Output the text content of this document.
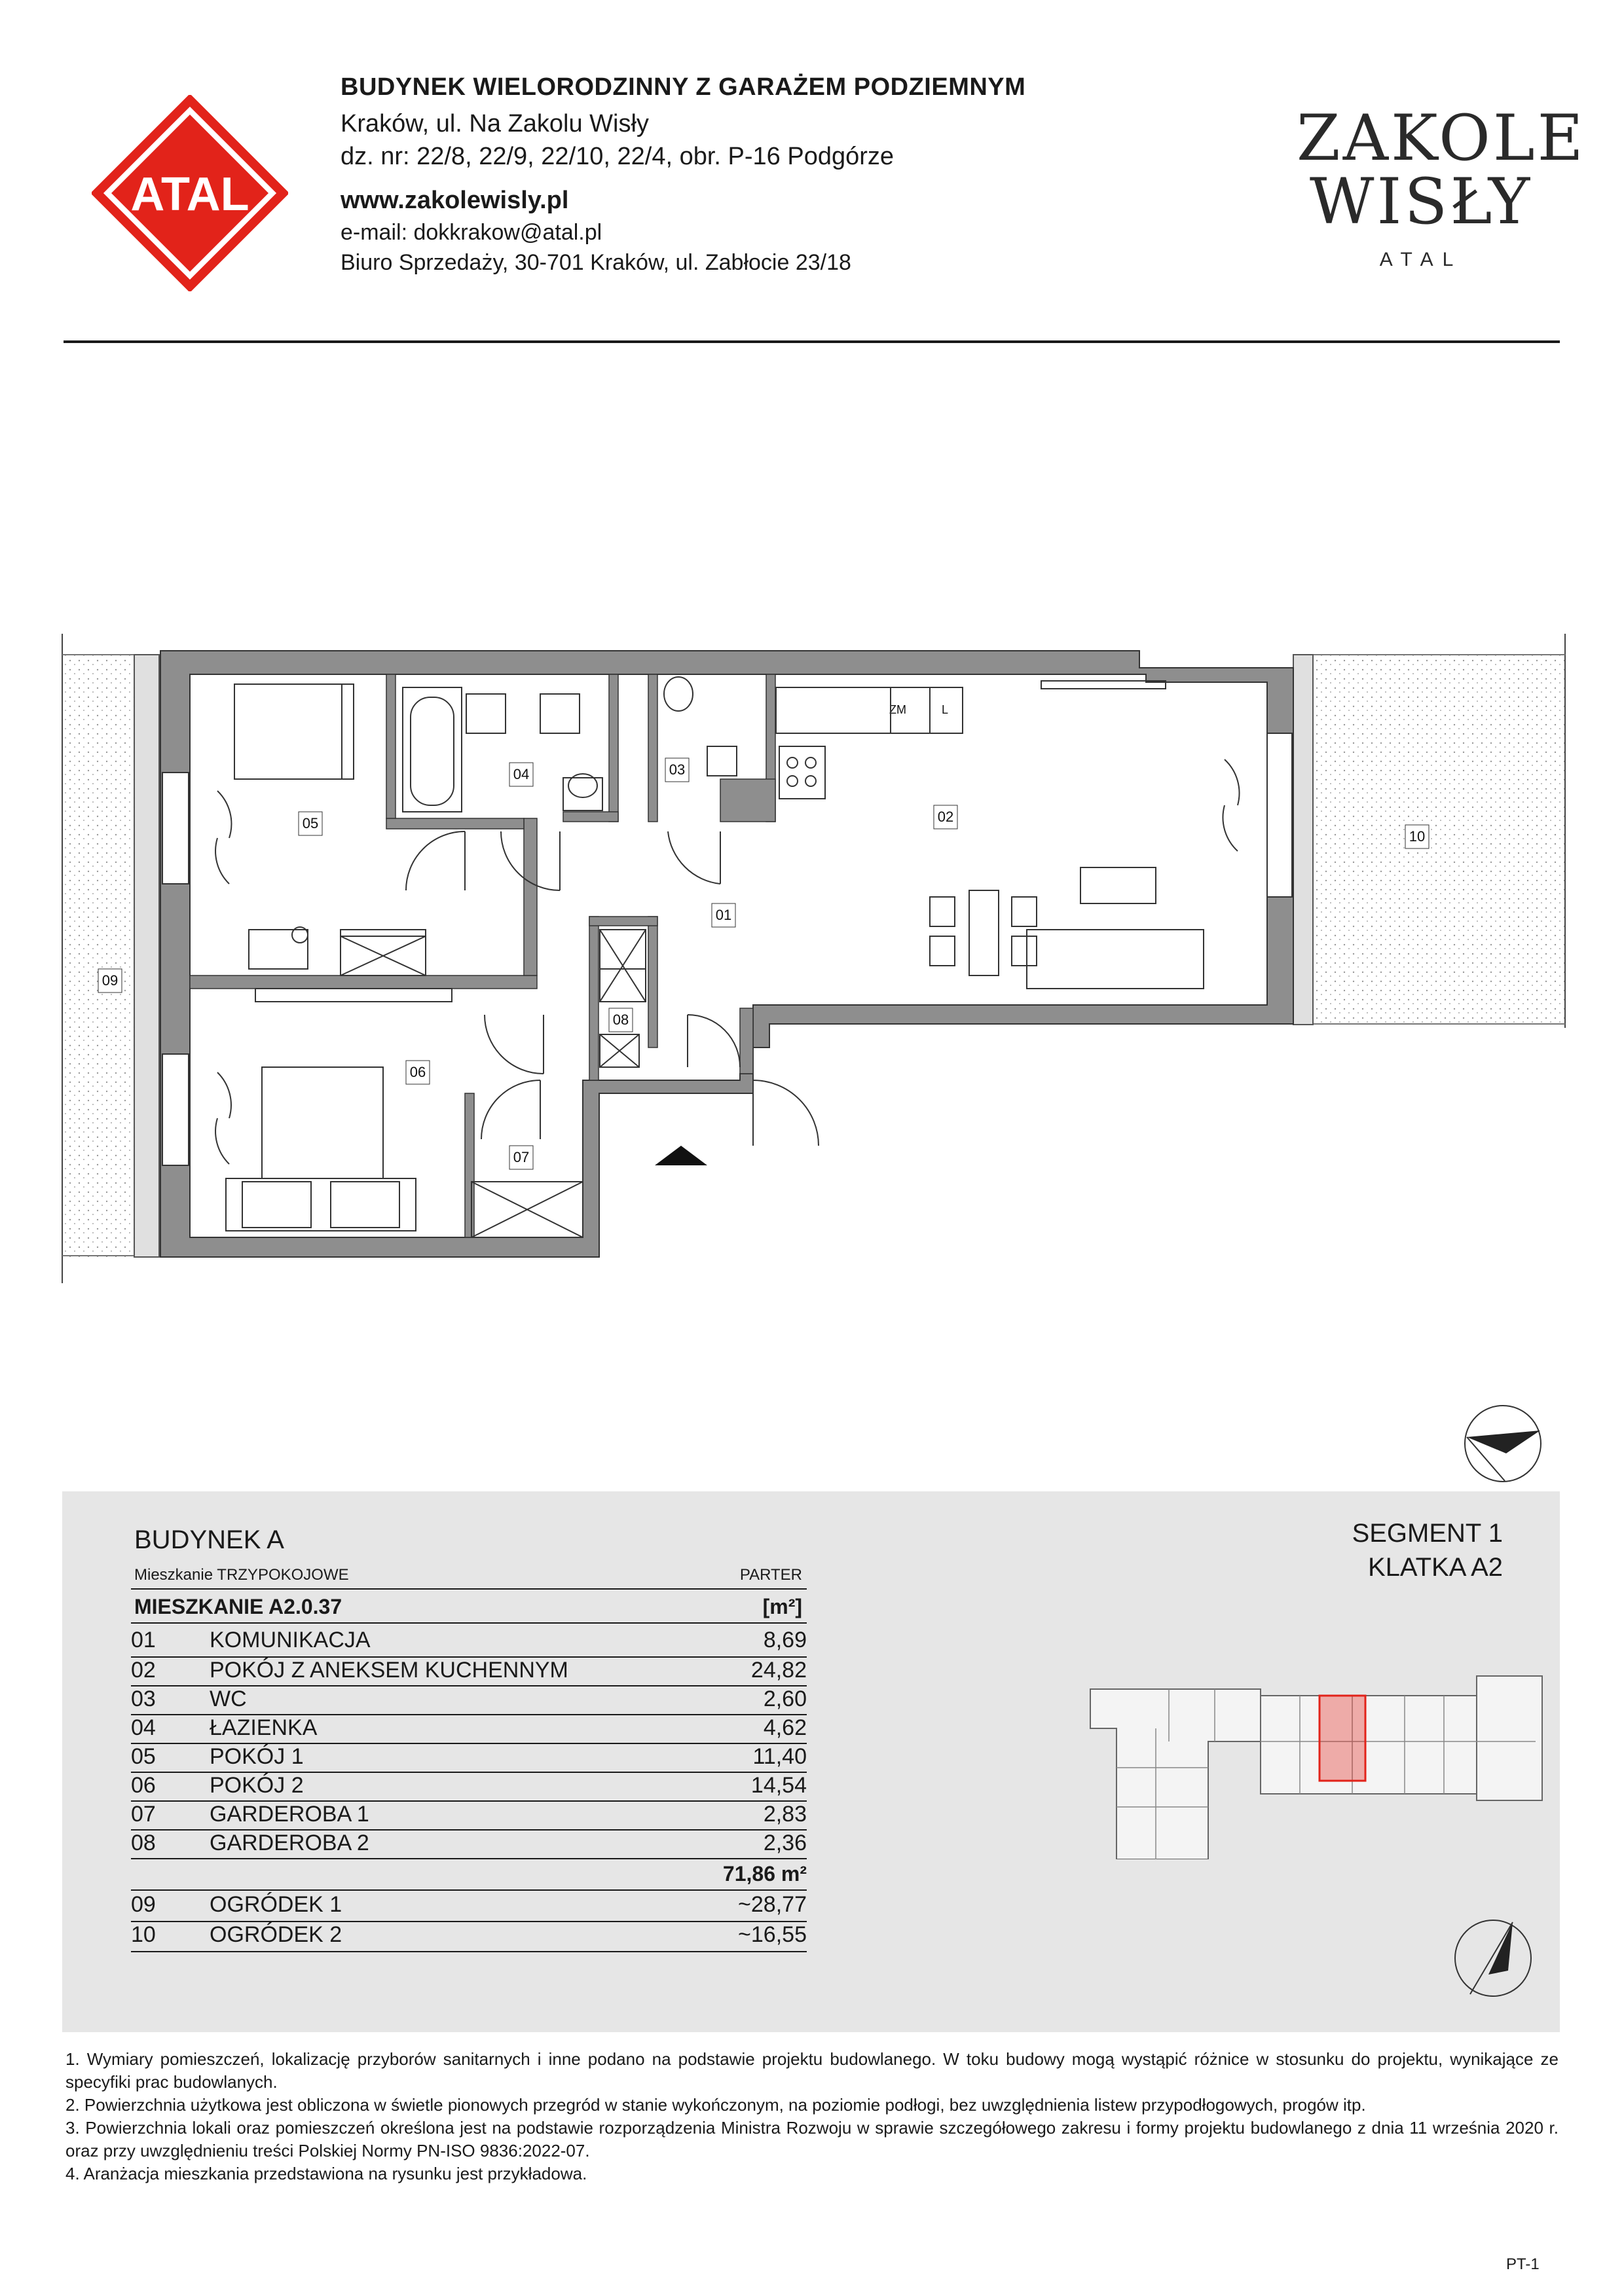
ATAL
BUDYNEK WIELORODZINNY Z GARAŻEM PODZIEMNYM
Kraków, ul. Na Zakolu Wisły
dz. nr: 22/8, 22/9, 22/10, 22/4, obr. P-16 Podgórze
www.zakolewisly.pl
e-mail: dokkrakow@atal.pl
Biuro Sprzedaży, 30-701 Kraków, ul. Zabłocie 23/18
ZAKOLE
WISŁY
ATAL
ZM	L
05
04	03
02
01
08
06
07
09
10
BUDYNEK A
Mieszkanie TRZYPOKOJOWE	PARTER
MIESZKANIE A2.0.37	[m²]
01 KOMUNIKACJA	8,69
02 POKÓJ Z ANEKSEM KUCHENNYM	24,82
03 WC	2,60
04 ŁAZIENKA	4,62
05 POKÓJ 1	11,40
06 POKÓJ 2	14,54
07 GARDEROBA 1	2,83
08 GARDEROBA 2	2,36
71,86 m²
09 OGRÓDEK 1	~28,77
10 OGRÓDEK 2	~16,55
SEGMENT 1
KLATKA A2

1. Wymiary pomieszczeń, lokalizację przyborów sanitarnych i inne podano na podstawie projektu budowlanego. W toku budowy mogą wystąpić różnice w stosunku do projektu, wynikające ze specyfiki prac budowlanych.

2. Powierzchnia użytkowa jest obliczona w świetle pionowych przegród w stanie wykończonym, na poziomie podłogi, bez uwzględnienia listew przypodłogowych, progów itp.

3. Powierzchnia lokali oraz pomieszczeń określona jest na podstawie rozporządzenia Ministra Rozwoju w sprawie szczegółowego zakresu i formy projektu budowlanego z dnia 11 września 2020 r. oraz przy uwzględnieniu treści Polskiej Normy PN-ISO 9836:2022-07.

4. Aranżacja mieszkania przedstawiona na rysunku jest przykładowa.

PT-1
